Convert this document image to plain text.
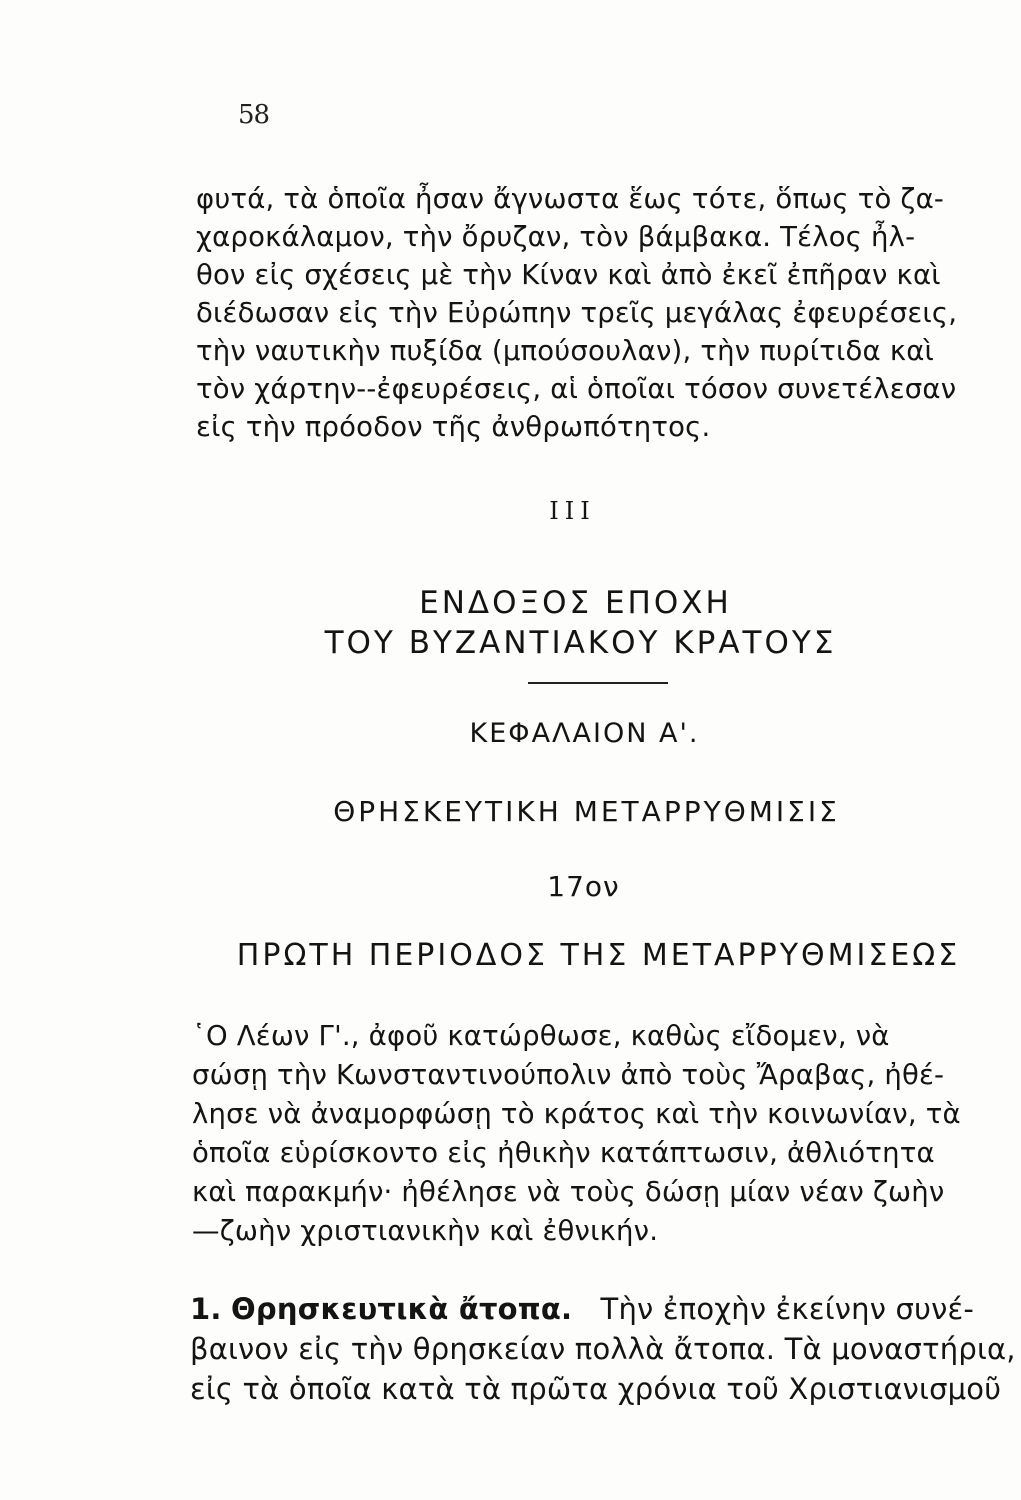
58
φυτά, τὰ ὁποῖα ἦσαν ἄγνωστα ἕως τότε, ὅπως τὸ ζα-
χαροκάλαμον, τὴν ὄρυζαν, τὸν βάμβακα. Τέλος ἦλ-
θον εἰς σχέσεις μὲ τὴν Κίναν καὶ ἀπὸ ἐκεῖ ἐπῆραν καὶ
διέδωσαν εἰς τὴν Εὐρώπην τρεῖς μεγάλας ἐφευρέσεις,
τὴν ναυτικὴν πυξίδα (μπούσουλαν), τὴν πυρίτιδα καὶ
τὸν χάρτην--ἐφευρέσεις, αἱ ὁποῖαι τόσον συνετέλεσαν
εἰς τὴν πρόοδον τῆς ἀνθρωπότητος.
III
ΕΝΔΟΞΟΣ ΕΠΟΧΗ
ΤΟΥ ΒΥΖΑΝΤΙΑΚΟΥ ΚΡΑΤΟΥΣ
ΚΕΦΑΛΑΙΟΝ Α'.
ΘΡΗΣΚΕΥΤΙΚΗ ΜΕΤΑΡΡΥΘΜΙΣΙΣ
17ον
ΠΡΩΤΗ ΠΕΡΙΟΔΟΣ ΤΗΣ ΜΕΤΑΡΡΥΘΜΙΣΕΩΣ
῾Ο Λέων Γ'., ἀφοῦ κατώρθωσε, καθὼς εἴδομεν, νὰ
σώσῃ τὴν Κωνσταντινούπολιν ἀπὸ τοὺς Ἄραβας, ἠθέ-
λησε νὰ ἀναμορφώσῃ τὸ κράτος καὶ τὴν κοινωνίαν, τὰ
ὁποῖα εὑρίσκοντο εἰς ἠθικὴν κατάπτωσιν, ἀθλιότητα
καὶ παρακμήν· ἠθέλησε νὰ τοὺς δώσῃ μίαν νέαν ζωὴν
—ζωὴν χριστιανικὴν καὶ ἐθνικήν.
1. Θρησκευτικὰ ἄτοπα. Τὴν ἐποχὴν ἐκείνην συνέ-
βαινον εἰς τὴν θρησκείαν πολλὰ ἄτοπα. Τὰ μοναστήρια,
εἰς τὰ ὁποῖα κατὰ τὰ πρῶτα χρόνια τοῦ Χριστιανισμοῦ
